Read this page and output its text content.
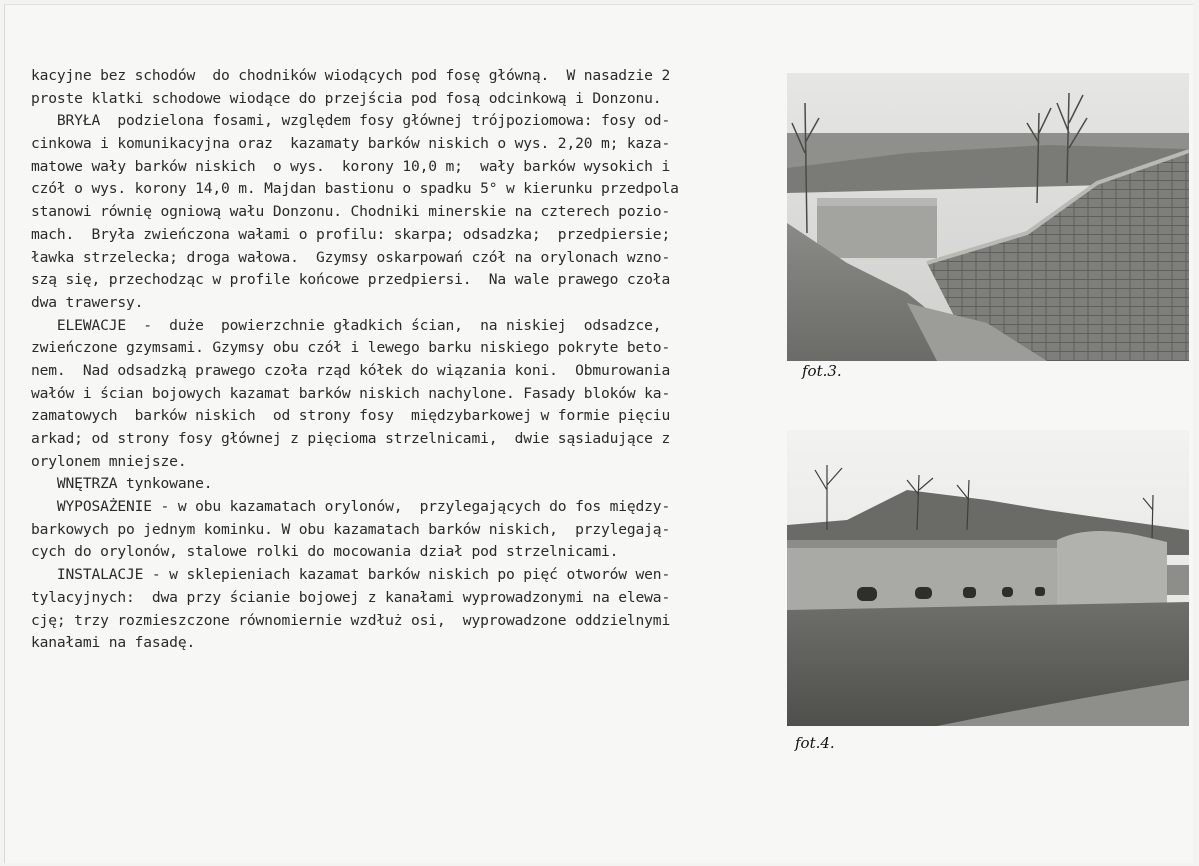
kacyjne bez schodów  do chodników wiodących pod fosę główną.  W nasadzie 2
proste klatki schodowe wiodące do przejścia pod fosą odcinkową i Donzonu.
BRYŁA  podzielona fosami, względem fosy głównej trójpoziomowa: fosy od-
cinkowa i komunikacyjna oraz  kazamaty barków niskich o wys. 2,20 m; kaza-
matowe wały barków niskich  o wys.  korony 10,0 m;  wały barków wysokich i
czół o wys. korony 14,0 m. Majdan bastionu o spadku 5° w kierunku przedpola
stanowi równię ogniową wału Donzonu. Chodniki minerskie na czterech pozio-
mach.  Bryła zwieńczona wałami o profilu: skarpa; odsadzka;  przedpiersie;
ławka strzelecka; droga wałowa.  Gzymsy oskarpowań czół na orylonach wzno-
szą się, przechodząc w profile końcowe przedpiersi.  Na wale prawego czoła
dwa trawersy.
ELEWACJE  -  duże  powierzchnie gładkich ścian,  na niskiej  odsadzce,
zwieńczone gzymsami. Gzymsy obu czół i lewego barku niskiego pokryte beto-
nem.  Nad odsadzką prawego czoła rząd kółek do wiązania koni.  Obmurowania
wałów i ścian bojowych kazamat barków niskich nachylone. Fasady bloków ka-
zamatowych  barków niskich  od strony fosy  międzybarkowej w formie pięciu
arkad; od strony fosy głównej z pięcioma strzelnicami,  dwie sąsiadujące z
orylonem mniejsze.
WNĘTRZA tynkowane.
WYPOSAŻENIE - w obu kazamatach orylonów,  przylegających do fos między-
barkowych po jednym kominku. W obu kazamatach barków niskich,  przylegają-
cych do orylonów, stalowe rolki do mocowania dział pod strzelnicami.
INSTALACJE - w sklepieniach kazamat barków niskich po pięć otworów wen-
tylacyjnych:  dwa przy ścianie bojowej z kanałami wyprowadzonymi na elewa-
cję; trzy rozmieszczone równomiernie wzdłuż osi,  wyprowadzone oddzielnymi
kanałami na fasadę.
fot.3.
fot.4.
